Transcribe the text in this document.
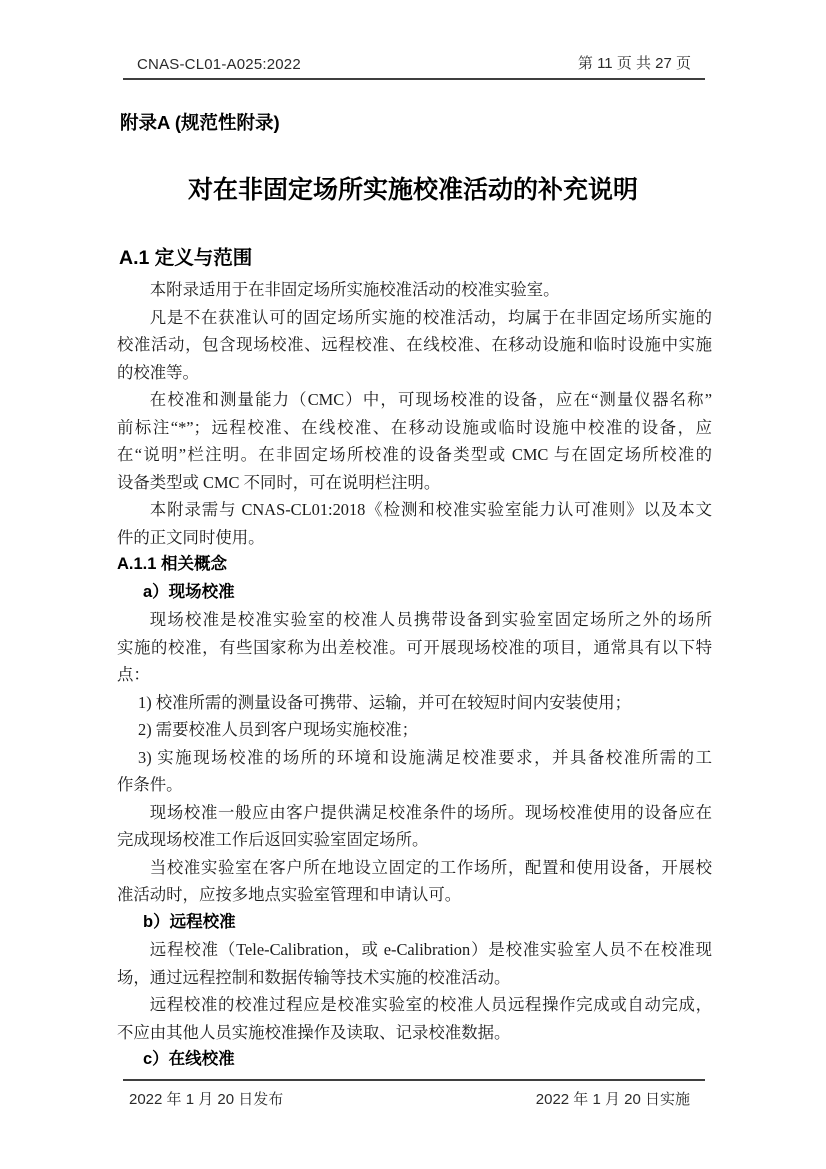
CNAS-CL01-A025:2022	第 11 页 共 27 页
附录A (规范性附录)
对在非固定场所实施校准活动的补充说明
A.1 定义与范围
本附录适用于在非固定场所实施校准活动的校准实验室。
凡是不在获准认可的固定场所实施的校准活动，均属于在非固定场所实施的
校准活动，包含现场校准、远程校准、在线校准、在移动设施和临时设施中实施
的校准等。
在校准和测量能力（CMC）中，可现场校准的设备，应在“测量仪器名称”
前标注“*”；远程校准、在线校准、在移动设施或临时设施中校准的设备，应
在“说明”栏注明。在非固定场所校准的设备类型或 CMC 与在固定场所校准的
设备类型或 CMC 不同时，可在说明栏注明。
本附录需与 CNAS-CL01:2018《检测和校准实验室能力认可准则》以及本文
件的正文同时使用。
A.1.1 相关概念
a）现场校准
现场校准是校准实验室的校准人员携带设备到实验室固定场所之外的场所
实施的校准，有些国家称为出差校准。可开展现场校准的项目，通常具有以下特
点：
1) 校准所需的测量设备可携带、运输，并可在较短时间内安装使用；
2) 需要校准人员到客户现场实施校准；
3) 实施现场校准的场所的环境和设施满足校准要求，并具备校准所需的工
作条件。
现场校准一般应由客户提供满足校准条件的场所。现场校准使用的设备应在
完成现场校准工作后返回实验室固定场所。
当校准实验室在客户所在地设立固定的工作场所，配置和使用设备，开展校
准活动时，应按多地点实验室管理和申请认可。
b）远程校准
远程校准（Tele-Calibration，或 e-Calibration）是校准实验室人员不在校准现
场，通过远程控制和数据传输等技术实施的校准活动。
远程校准的校准过程应是校准实验室的校准人员远程操作完成或自动完成，
不应由其他人员实施校准操作及读取、记录校准数据。
c）在线校准
2022 年 1 月 20 日发布	2022 年 1 月 20 日实施
